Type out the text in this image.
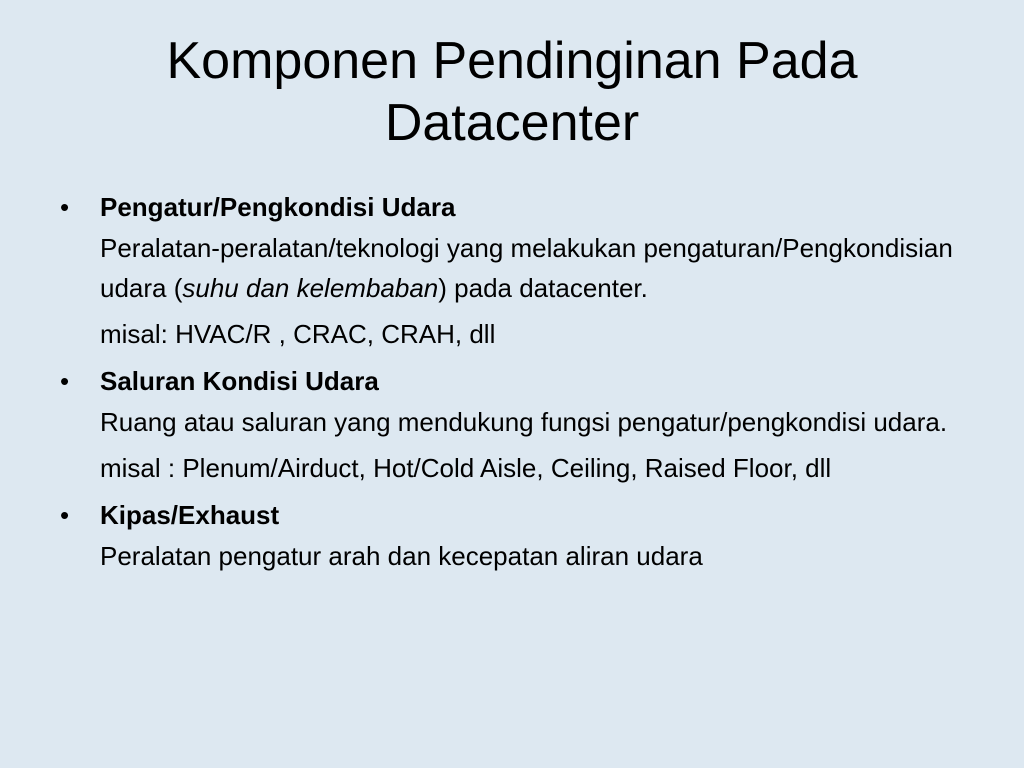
Komponen Pendinginan Pada
Datacenter
•	Pengatur/Pengkondisi Udara
Peralatan-peralatan/teknologi yang melakukan pengaturan/Pengkondisian udara (suhu dan kelembaban) pada datacenter.
misal: HVAC/R , CRAC, CRAH, dll
•	Saluran Kondisi Udara
Ruang atau saluran yang mendukung fungsi pengatur/pengkondisi udara.
misal : Plenum/Airduct, Hot/Cold Aisle, Ceiling, Raised Floor, dll
•	Kipas/Exhaust
Peralatan pengatur arah dan kecepatan aliran udara
